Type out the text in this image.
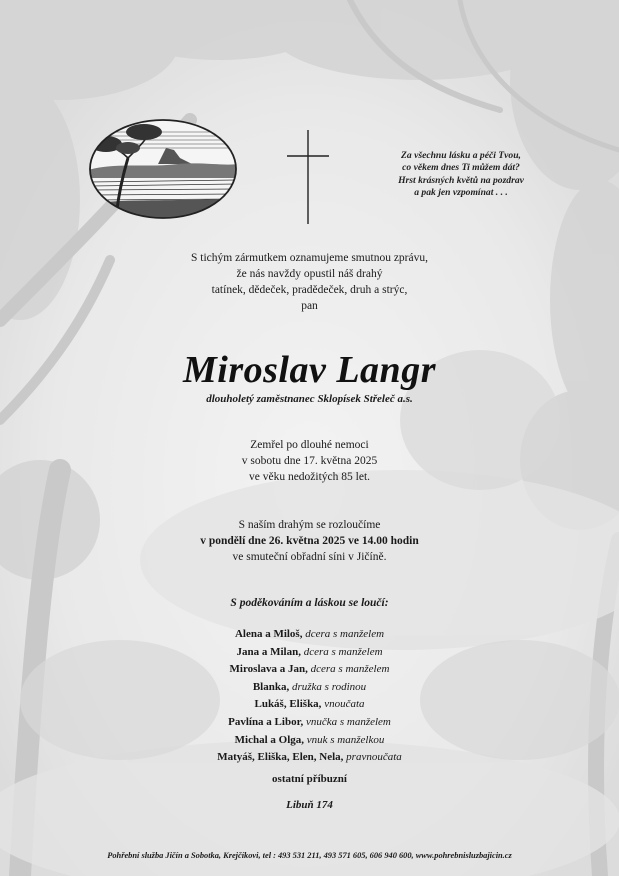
Za všechnu lásku a péči Tvou,
co věkem dnes Ti můžem dát?
Hrst krásných květů na pozdrav
a pak jen vzpomínat . . .
S tichým zármutkem oznamujeme smutnou zprávu,
že nás navždy opustil náš drahý
tatínek, dědeček, pradědeček, druh a strýc,
pan
Miroslav Langr
dlouholetý zaměstnanec Sklopísek Střeleč a.s.
Zemřel po dlouhé nemoci
v sobotu dne 17. května 2025
ve věku nedožitých 85 let.
S naším drahým se rozloučíme
v pondělí dne 26. května 2025 ve 14.00 hodin
ve smuteční obřadní síni v Jičíně.
S poděkováním a láskou se loučí:
Alena a Miloš, dcera s manželem
Jana a Milan, dcera s manželem
Miroslava a Jan, dcera s manželem
Blanka, družka s rodinou
Lukáš, Eliška, vnoučata
Pavlína a Libor, vnučka s manželem
Michal a Olga, vnuk s manželkou
Matyáš, Eliška, Elen, Nela, pravnoučata
ostatní příbuzní
Libuň 174
Pohřební služba Jičín a Sobotka, Krejčíkovi, tel : 493 531 211, 493 571 605, 606 940 600, www.pohrebnisluzbajicin.cz
